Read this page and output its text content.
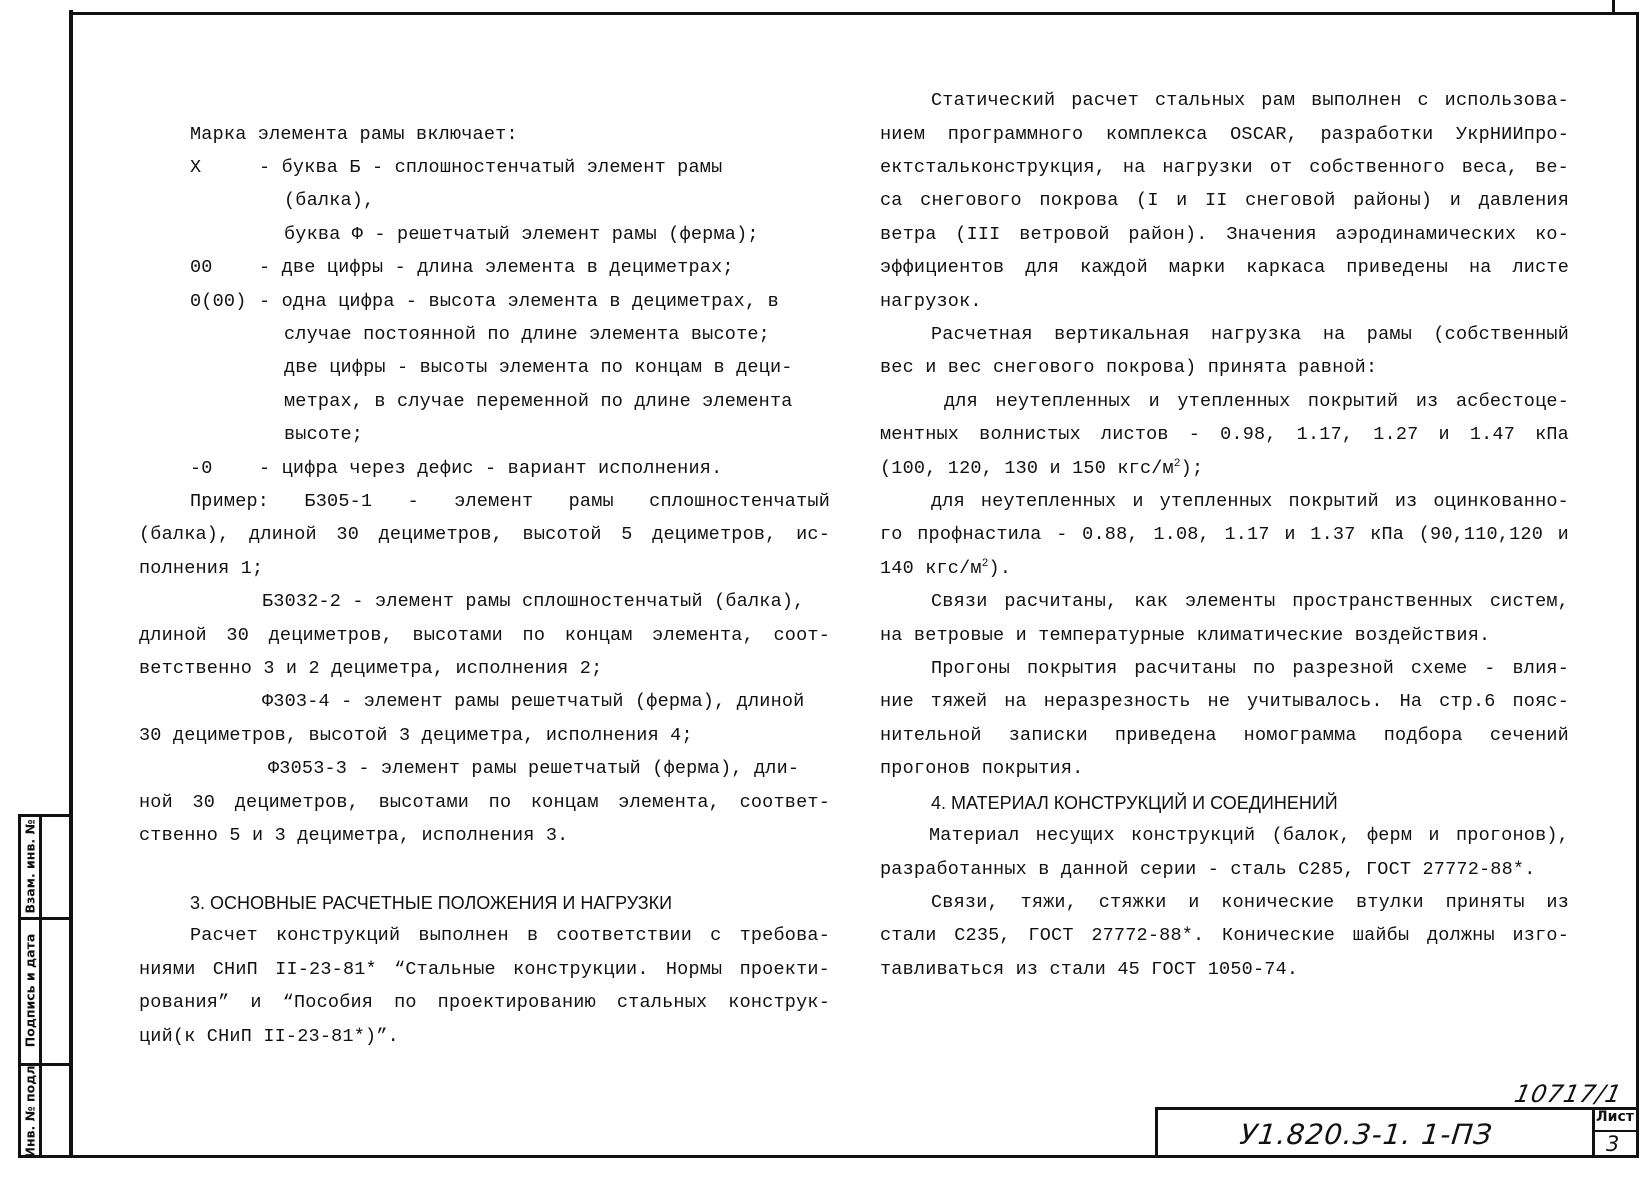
Марка элемента рамы включает:
X	- буква Б - сплошностенчатый элемент рамы
(балка),
буква Ф - решетчатый элемент рамы (ферма);
00	- две цифры - длина элемента в дециметрах;
0(00) - одна цифра - высота элемента в дециметрах, в
случае постоянной по длине элемента высоте;
две цифры - высоты элемента по концам в деци-
метрах, в случае переменной по длине элемента
высоте;
-0	- цифра через дефис - вариант исполнения.
Пример: Б305-1 - элемент рамы сплошностенчатый
(балка), длиной 30 дециметров, высотой 5 дециметров, ис-
полнения 1;
Б3032-2 - элемент рамы сплошностенчатый (балка),
длиной 30 дециметров, высотами по концам элемента, соот-
ветственно 3 и 2 дециметра, исполнения 2;
Ф303-4 - элемент рамы решетчатый (ферма), длиной
30 дециметров, высотой 3 дециметра, исполнения 4;
Ф3053-3 - элемент рамы решетчатый (ферма), дли-
ной 30 дециметров, высотами по концам элемента, соответ-
ственно 5 и 3 дециметра, исполнения 3.
3. ОСНОВНЫЕ РАСЧЕТНЫЕ ПОЛОЖЕНИЯ И НАГРУЗКИ
Расчет конструкций выполнен в соответствии с требова-
ниями СНиП II-23-81* “Стальные конструкции. Нормы проекти-
рования” и “Пособия по проектированию стальных конструк-
ций(к СНиП II-23-81*)”.
Статический расчет стальных рам выполнен с использова-
нием программного комплекса OSCAR, разработки УкрНИИпро-
ектстальконструкция, на нагрузки от собственного веса, ве-
са снегового покрова (I и II снеговой районы) и давления
ветра (III ветровой район). Значения аэродинамических ко-
эффициентов для каждой марки каркаса приведены на листе
нагрузок.
Расчетная вертикальная нагрузка на рамы (собственный
вес и вес снегового покрова) принята равной:
для неутепленных и утепленных покрытий из асбестоце-
ментных волнистых листов - 0.98, 1.17, 1.27 и 1.47 кПа
(100, 120, 130 и 150 кгс/$м^2$);
для неутепленных и утепленных покрытий из оцинкованно-
го профнастила - 0.88, 1.08, 1.17 и 1.37 кПа (90,110,120 и
140 кгс/$м^2$).
Связи расчитаны, как элементы пространственных систем,
на ветровые и температурные климатические воздействия.
Прогоны покрытия расчитаны по разрезной схеме - влия-
ние тяжей на неразрезность не учитывалось. На стр.6 пояс-
нительной записки приведена номограмма подбора сечений
прогонов покрытия.
4. МАТЕРИАЛ КОНСТРУКЦИЙ И СОЕДИНЕНИЙ
Материал несущих конструкций (балок, ферм и прогонов),
разработанных в данной серии - сталь С285, ГОСТ 27772-88*.
Связи, тяжи, стяжки и конические втулки приняты из
стали С235, ГОСТ 27772-88*. Конические шайбы должны изго-
тавливаться из стали 45 ГОСТ 1050-74.
Инв. № подл
Подпись и дата
Взам. инв. №
10717/1
У1.820.3-1. 1-ПЗ
Лист
3
